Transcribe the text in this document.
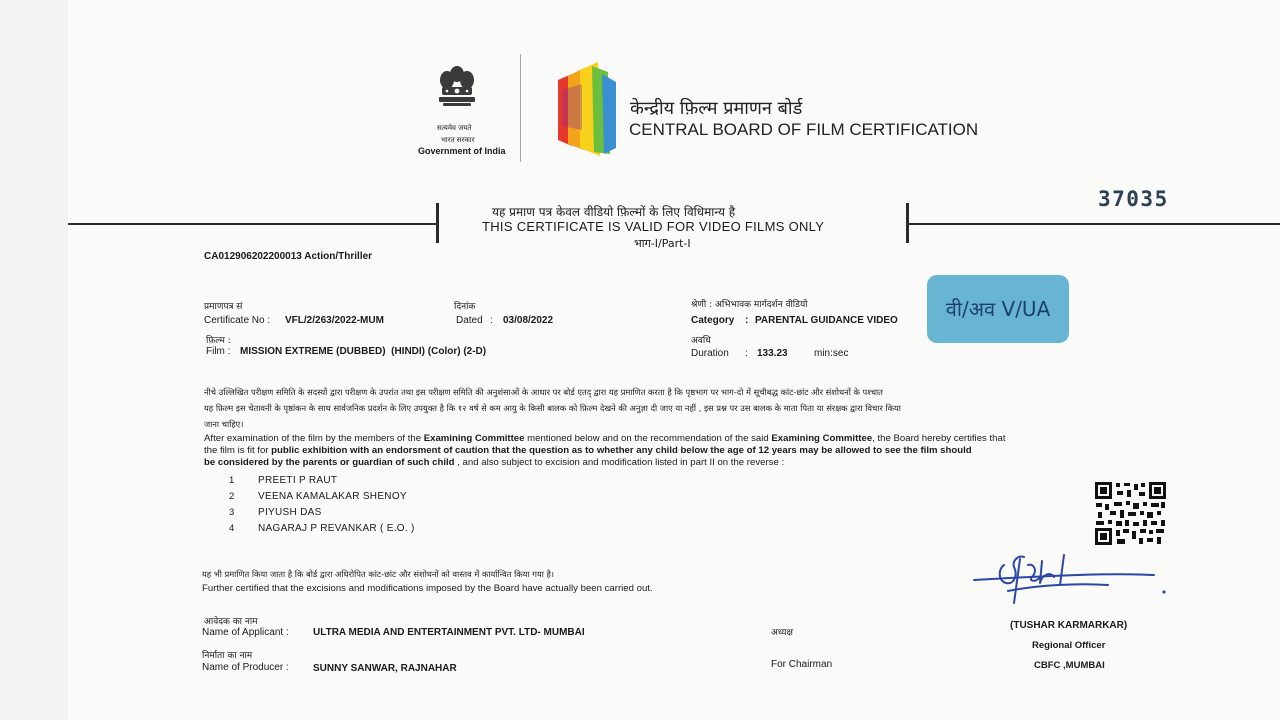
सत्यमेव जयते
भारत सरकार
Government of India
केन्द्रीय फ़िल्म प्रमाणन बोर्ड
CENTRAL BOARD OF FILM CERTIFICATION
37035
यह प्रमाण पत्र केवल वीडियो फ़िल्मों के लिए विधिमान्य है
THIS CERTIFICATE IS VALID FOR VIDEO FILMS ONLY
भाग-I/Part-I
CA012906202200013 Action/Thriller
प्रमाणपत्र सं
Certificate No : VFL/2/263/2022-MUM
दिनांक
Dated : 03/08/2022
श्रेणी : अभिभावक मार्गदर्शन वीडियो
Category : PARENTAL GUIDANCE VIDEO	वी/अव V/UA
फ़िल्म :
Film : MISSION EXTREME (DUBBED)  (HINDI) (Color) (2-D)
अवधि
Duration : 133.23	min:sec
नीचे उल्लिखित परीक्षण समिति के सदस्यों द्वारा परीक्षण के उपरांत तथा इस परीक्षण समिति की अनुशंसाओं के आधार पर बोर्ड एतद् द्वारा यह प्रमाणित करता है कि पृष्ठभाग पर भाग-दो में सूचीबद्ध कांट-छांट और संशोधनों के पश्चात
यह फ़िल्म इस चेतावनी के पृष्ठांकन के साथ सार्वजनिक प्रदर्शन के लिए उपयुक्त है कि १२ वर्ष से कम आयु के किसी बालक को फ़िल्म देखने की अनुज्ञा दी जाए या नहीं , इस प्रश्न पर उस बालक के माता पिता या संरक्षक द्वारा विचार किया
जाना चाहिए।
After examination of the film by the members of the Examining Committee mentioned below and on the recommendation of the said Examining Committee, the Board hereby certifies that
the film is fit for public exhibition with an endorsment of caution that the question as to whether any child below the age of 12 years may be allowed to see the film should
be considered by the parents or guardian of such child , and also subject to excision and modification listed in part II on the reverse :
1 PREETI P RAUT
2 VEENA KAMALAKAR SHENOY
3 PIYUSH DAS
4 NAGARAJ P REVANKAR ( E.O. )
यह भी प्रमाणित किया जाता है कि बोर्ड द्वारा अधिरोपित कांट-छांट और संशोधनों को वास्तव में कार्यान्वित किया गया है।
Further certified that the excisions and modifications imposed by the Board have actually been carried out.
आवेदक का नाम
Name of Applicant : ULTRA MEDIA AND ENTERTAINMENT PVT. LTD- MUMBAI
निर्माता का नाम
Name of Producer : SUNNY SANWAR, RAJNAHAR
अध्यक्ष
For Chairman
(TUSHAR KARMARKAR)
Regional Officer
CBFC ,MUMBAI
